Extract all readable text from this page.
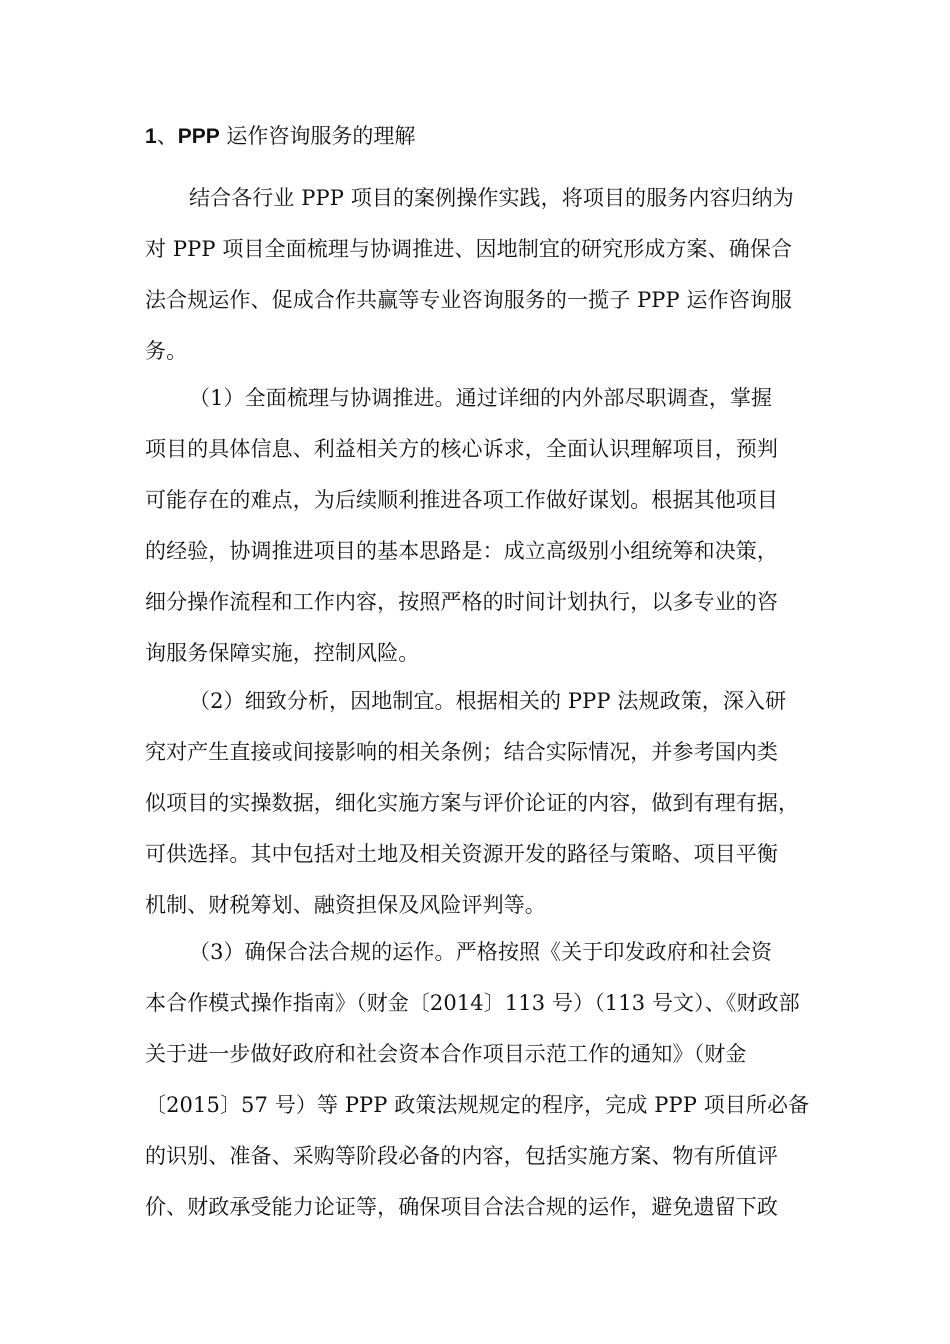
1、PPP 运作咨询服务的理解
结合各行业 PPP 项目的案例操作实践，将项目的服务内容归纳为
对 PPP 项目全面梳理与协调推进、因地制宜的研究形成方案、确保合
法合规运作、促成合作共赢等专业咨询服务的一揽子 PPP 运作咨询服
务。
（1）全面梳理与协调推进。通过详细的内外部尽职调查，掌握
项目的具体信息、利益相关方的核心诉求，全面认识理解项目，预判
可能存在的难点，为后续顺利推进各项工作做好谋划。根据其他项目
的经验，协调推进项目的基本思路是：成立高级别小组统筹和决策，
细分操作流程和工作内容，按照严格的时间计划执行，以多专业的咨
询服务保障实施，控制风险。
（2）细致分析，因地制宜。根据相关的 PPP 法规政策，深入研
究对产生直接或间接影响的相关条例；结合实际情况，并参考国内类
似项目的实操数据，细化实施方案与评价论证的内容，做到有理有据，
可供选择。其中包括对土地及相关资源开发的路径与策略、项目平衡
机制、财税筹划、融资担保及风险评判等。
（3）确保合法合规的运作。严格按照《关于印发政府和社会资
本合作模式操作指南》（财金〔2014〕113 号）（113 号文）、《财政部
关于进一步做好政府和社会资本合作项目示范工作的通知》（财金
〔2015〕57 号）等 PPP 政策法规规定的程序，完成 PPP 项目所必备
的识别、准备、采购等阶段必备的内容，包括实施方案、物有所值评
价、财政承受能力论证等，确保项目合法合规的运作，避免遗留下政
